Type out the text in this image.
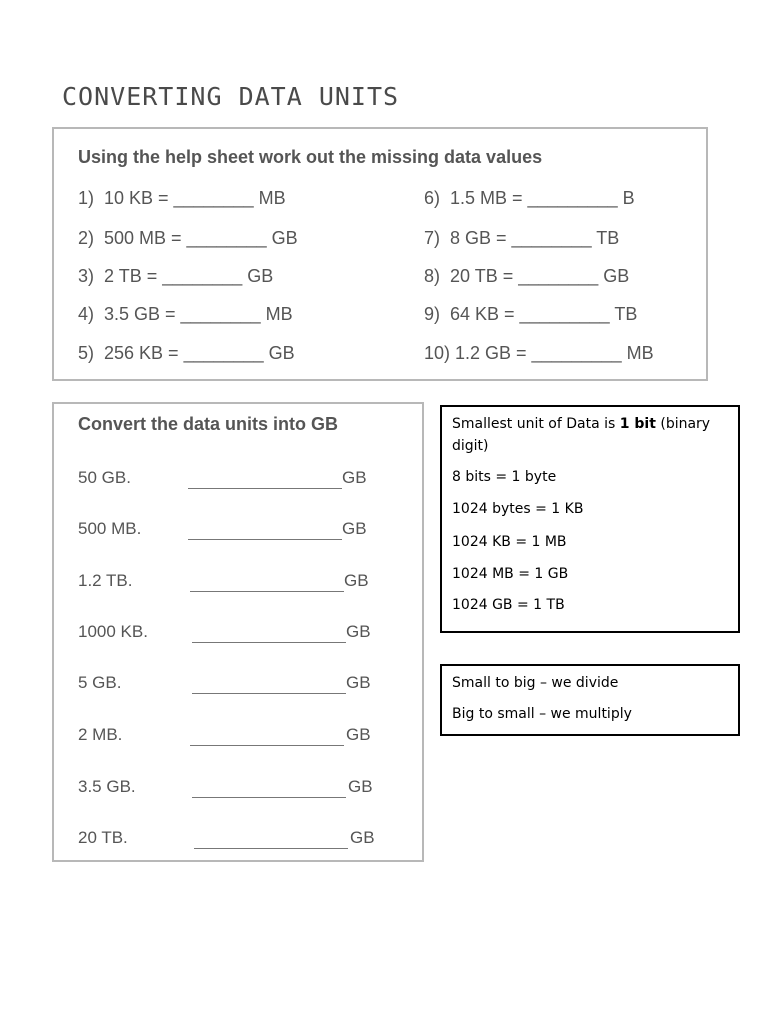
CONVERTING DATA UNITS
Using the help sheet work out the missing data values
1)  10 KB = ________ MB
2)  500 MB = ________ GB
3)  2 TB = ________ GB
4)  3.5 GB = ________ MB
5)  256 KB = ________ GB
6)  1.5 MB = _________ B
7)  8 GB = ________ TB
8)  20 TB = ________ GB
9)  64 KB = _________ TB
10) 1.2 GB = _________ MB
Convert the data units into GB
50 GB.	GB
500 MB.	GB
1.2 TB.	GB
1000 KB.	GB
5 GB.	GB
2 MB.	GB
3.5 GB.	GB
20 TB.	GB
Smallest unit of Data is 1 bit (binary digit)
8 bits = 1 byte
1024 bytes = 1 KB
1024 KB = 1 MB
1024 MB = 1 GB
1024 GB = 1 TB
Small to big – we divide
Big to small – we multiply
